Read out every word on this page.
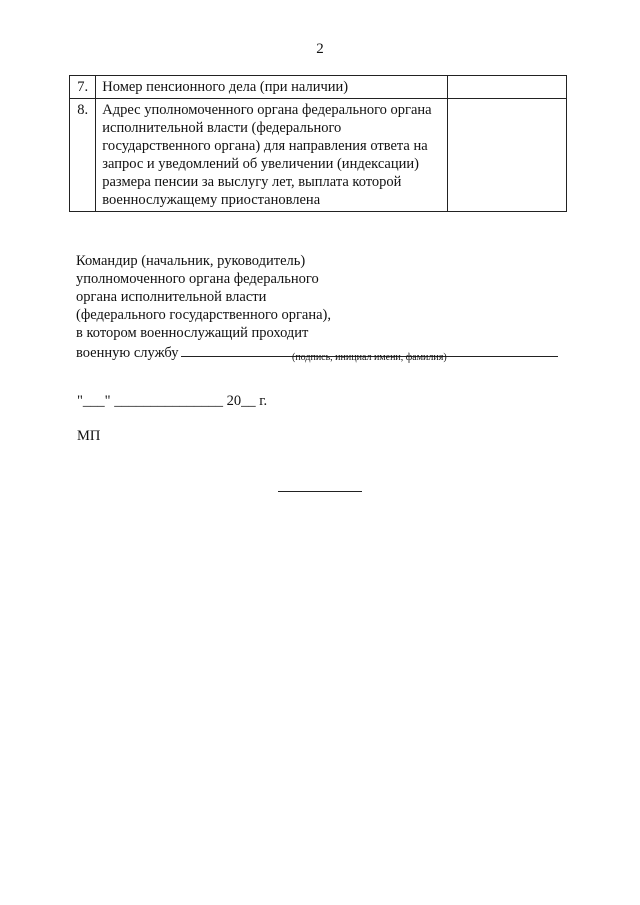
2
7.	Номер пенсионного дела (при наличии)	
8.	Адрес уполномоченного органа федерального органа исполнительной власти (федерального государственного органа) для направления ответа на запрос и уведомлений об увеличении (индексации) размера пенсии за выслугу лет, выплата которой военнослужащему приостановлена	
Командир (начальник, руководитель)
уполномоченного органа федерального
органа исполнительной власти
(федерального государственного органа),
в котором военнослужащий проходит
военную службу	(подпись, инициал имени, фамилия)
"___" _______________ 20__ г.
МП
